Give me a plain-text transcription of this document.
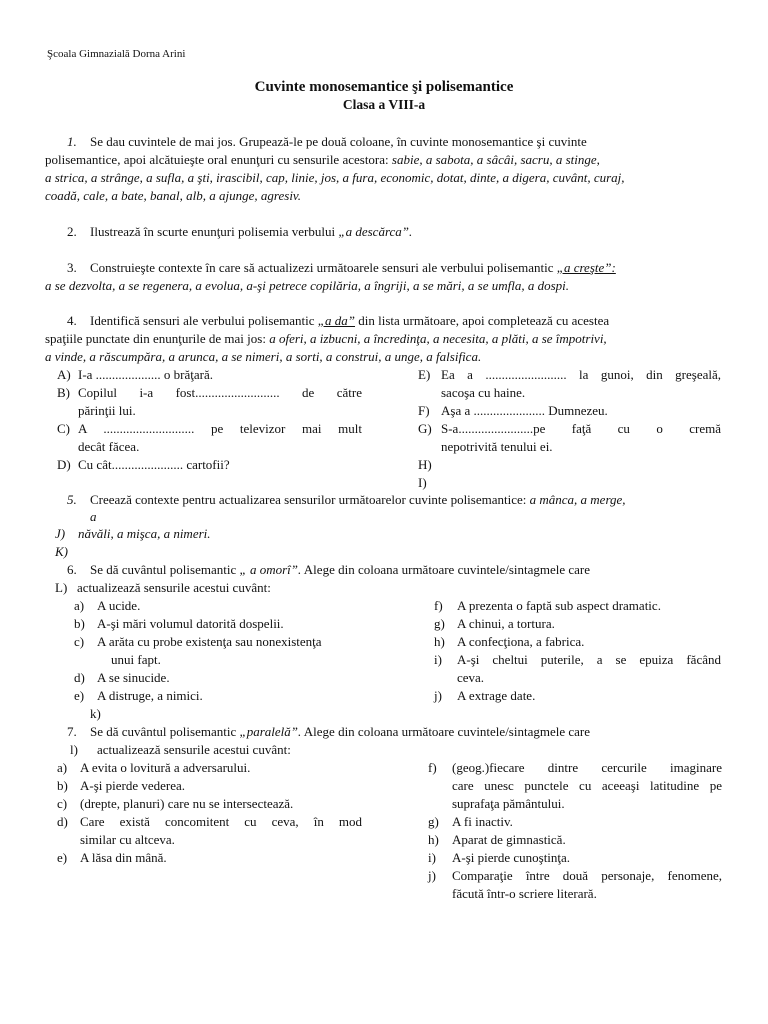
Şcoala Gimnazială Dorna Arini
Cuvinte monosemantice şi polisemantice
Clasa a VIII-a
1. Se dau cuvintele de mai jos. Grupează-le pe două coloane, în cuvinte monosemantice şi cuvinte
polisemantice, apoi alcătuieşte oral enunţuri cu sensurile acestora: sabie, a sabota, a sâcâi, sacru, a stinge,
a strica, a strânge, a sufla, a şti, irascibil, cap, linie, jos, a fura, economic, dotat, dinte, a digera, cuvânt, curaj,
coadă, cale, a bate, banal, alb, a ajunge, agresiv.
2. Ilustrează în scurte enunţuri polisemia verbului „a descărca”.
3. Construieşte contexte în care să actualizezi următoarele sensuri ale verbului polisemantic „a creşte”:
a se dezvolta, a se regenera, a evolua, a-şi petrece copilăria, a îngriji, a se mări, a se umfla, a dospi.
4. Identifică sensuri ale verbului polisemantic „a da” din lista următoare, apoi completează cu acestea
spaţiile punctate din enunţurile de mai jos: a oferi, a izbucni, a încredinţa, a necesita, a plăti, a se împotrivi,
a vinde, a răscumpăra, a arunca, a se nimeri, a sorti, a construi, a unge, a falsifica.
A) I-a .................... o brăţară.
B) Copilul i-a fost.......................... de către
părinţii lui.
C) A ............................ pe televizor mai mult
decât făcea.
D) Cu cât...................... cartofii?
E) Ea a ......................... la gunoi, din greşeală,
sacoşa cu haine.
F) Aşa a ...................... Dumnezeu.
G) S-a.......................pe faţă cu o cremă
nepotrivită tenului ei.
H)
I)
5. Creează contexte pentru actualizarea sensurilor următoarelor cuvinte polisemantice: a mânca, a merge,
a
J) năvăli, a mişca, a nimeri.
K)
6. Se dă cuvântul polisemantic „ a omorî”. Alege din coloana următoare cuvintele/sintagmele care
L) actualizează sensurile acestui cuvânt:
a) A ucide.
b) A-şi mări volumul datorită dospelii.
c) A arăta cu probe existenţa sau nonexistenţa
unui fapt.
d) A se sinucide.
e) A distruge, a nimici.
k)
f) A prezenta o faptă sub aspect dramatic.
g) A chinui, a tortura.
h) A confecţiona, a fabrica.
i) A-şi cheltui puterile, a se epuiza făcând
ceva.
j) A extrage date.
7. Se dă cuvântul polisemantic „paralelă”. Alege din coloana următoare cuvintele/sintagmele care
l) actualizează sensurile acestui cuvânt:
a) A evita o lovitură a adversarului.
b) A-şi pierde vederea.
c) (drepte, planuri) care nu se intersectează.
d) Care există concomitent cu ceva, în mod
similar cu altceva.
e) A lăsa din mână.
f) (geog.)fiecare dintre cercurile imaginare
care unesc punctele cu aceeaşi latitudine pe
suprafaţa pământului.
g) A fi inactiv.
h) Aparat de gimnastică.
i) A-şi pierde cunoştinţa.
j) Comparaţie între două personaje, fenomene,
făcută într-o scriere literară.
